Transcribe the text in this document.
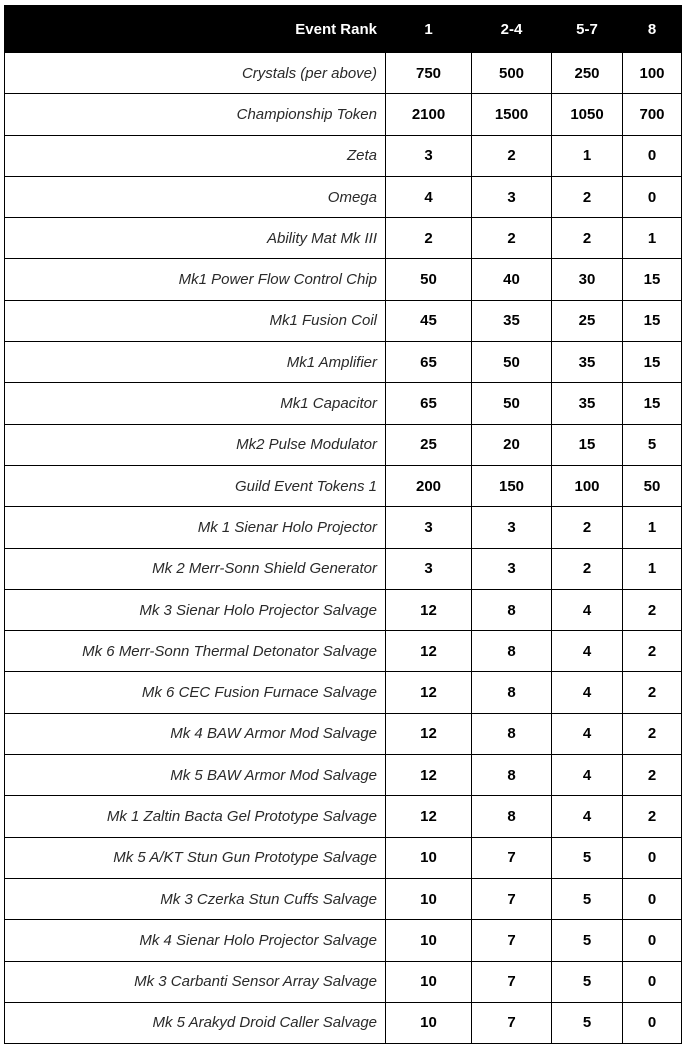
Event Rank	1	2-4	5-7	8
Crystals (per above)	750	500	250	100
Championship Token	2100	1500	1050	700
Zeta	3	2	1	0
Omega	4	3	2	0
Ability Mat Mk III	2	2	2	1
Mk1 Power Flow Control Chip	50	40	30	15
Mk1 Fusion Coil	45	35	25	15
Mk1 Amplifier	65	50	35	15
Mk1 Capacitor	65	50	35	15
Mk2 Pulse Modulator	25	20	15	5
Guild Event Tokens 1	200	150	100	50
Mk 1 Sienar Holo Projector	3	3	2	1
Mk 2 Merr-Sonn Shield Generator	3	3	2	1
Mk 3 Sienar Holo Projector Salvage	12	8	4	2
Mk 6 Merr-Sonn Thermal Detonator Salvage	12	8	4	2
Mk 6 CEC Fusion Furnace Salvage	12	8	4	2
Mk 4 BAW Armor Mod Salvage	12	8	4	2
Mk 5 BAW Armor Mod Salvage	12	8	4	2
Mk 1 Zaltin Bacta Gel Prototype Salvage	12	8	4	2
Mk 5 A/KT Stun Gun Prototype Salvage	10	7	5	0
Mk 3 Czerka Stun Cuffs Salvage	10	7	5	0
Mk 4 Sienar Holo Projector Salvage	10	7	5	0
Mk 3 Carbanti Sensor Array Salvage	10	7	5	0
Mk 5 Arakyd Droid Caller Salvage	10	7	5	0
